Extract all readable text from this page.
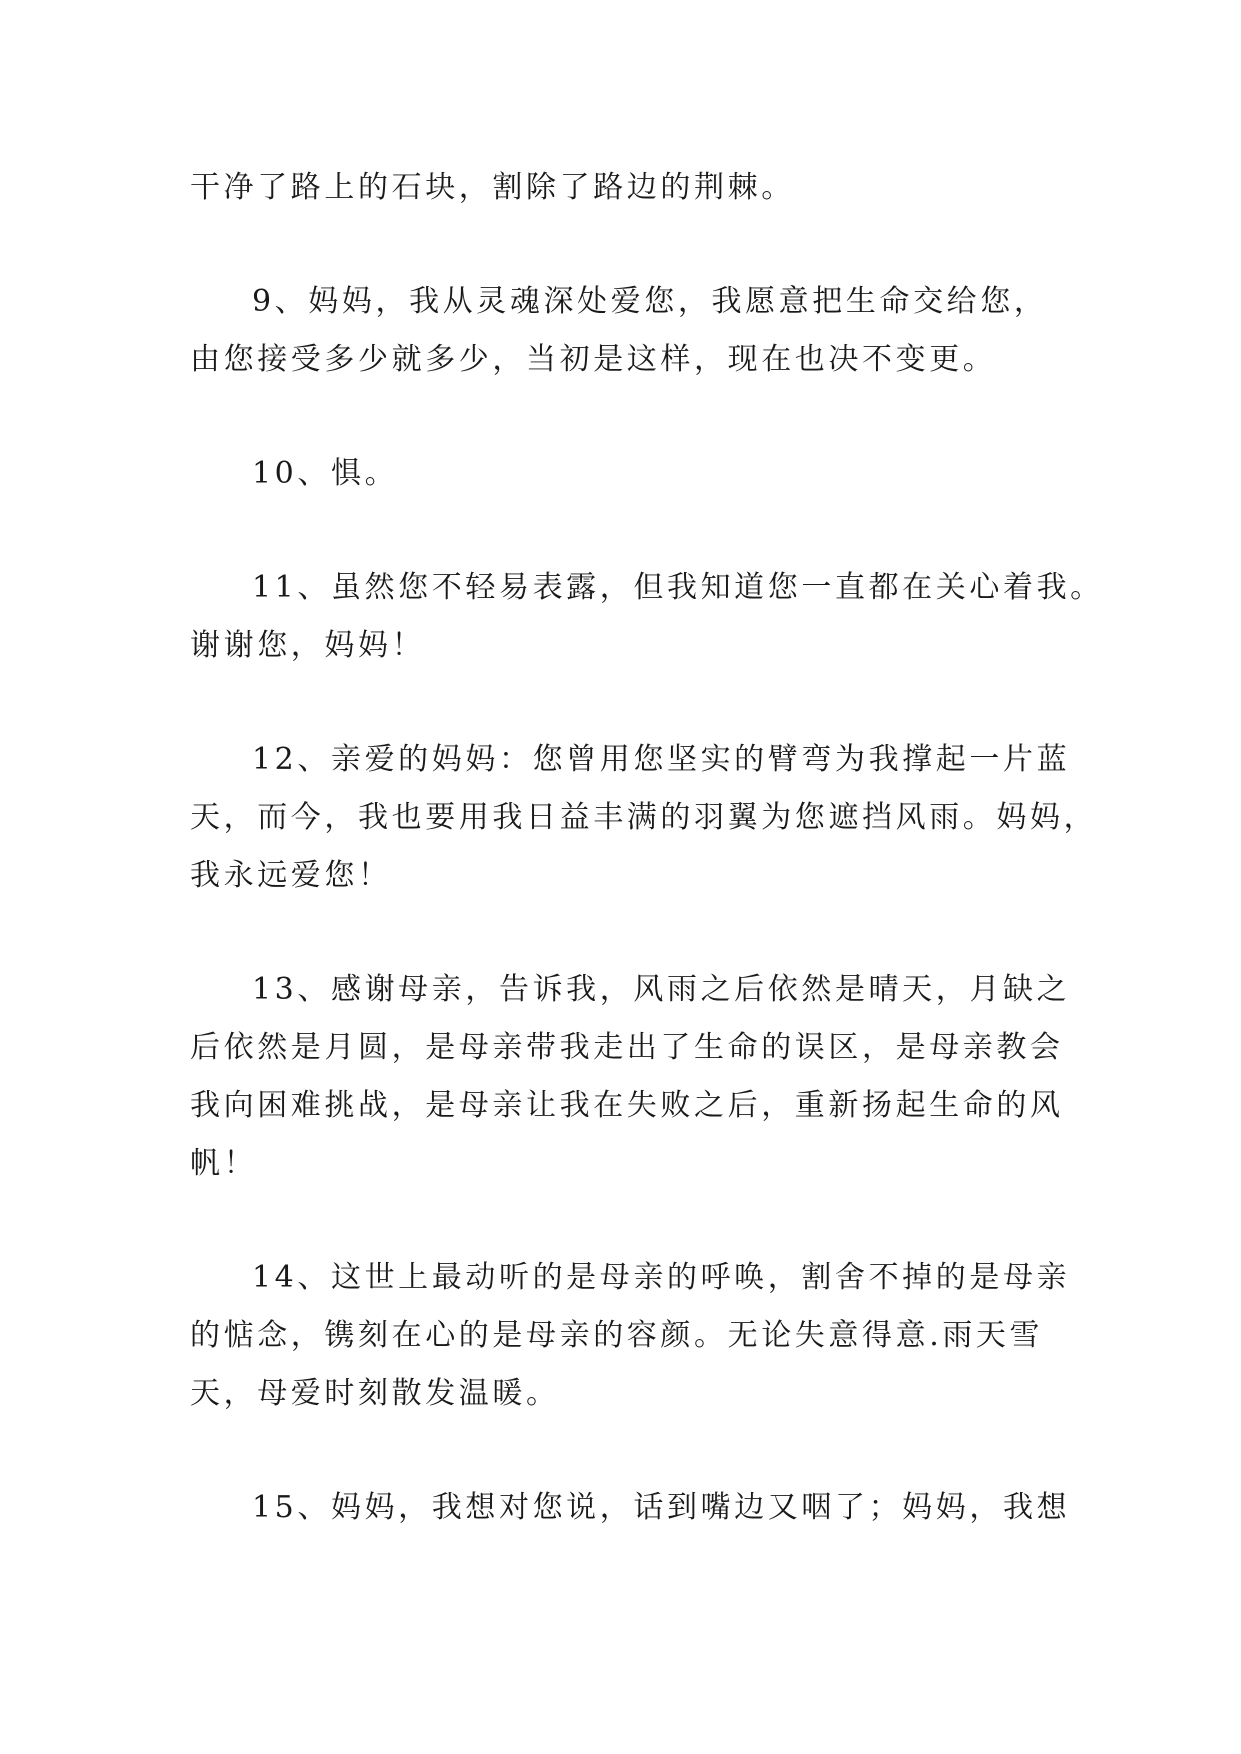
干净了路上的石块，割除了路边的荆棘。
9、妈妈，我从灵魂深处爱您，我愿意把生命交给您，
由您接受多少就多少，当初是这样，现在也决不变更。
10、惧。
11、虽然您不轻易表露，但我知道您一直都在关心着我。
谢谢您，妈妈！
12、亲爱的妈妈：您曾用您坚实的臂弯为我撑起一片蓝
天，而今，我也要用我日益丰满的羽翼为您遮挡风雨。妈妈，
我永远爱您！
13、感谢母亲，告诉我，风雨之后依然是晴天，月缺之
后依然是月圆，是母亲带我走出了生命的误区，是母亲教会
我向困难挑战，是母亲让我在失败之后，重新扬起生命的风
帆！
14、这世上最动听的是母亲的呼唤，割舍不掉的是母亲
的惦念，镌刻在心的是母亲的容颜。无论失意得意.雨天雪
天，母爱时刻散发温暖。
15、妈妈，我想对您说，话到嘴边又咽了；妈妈，我想
